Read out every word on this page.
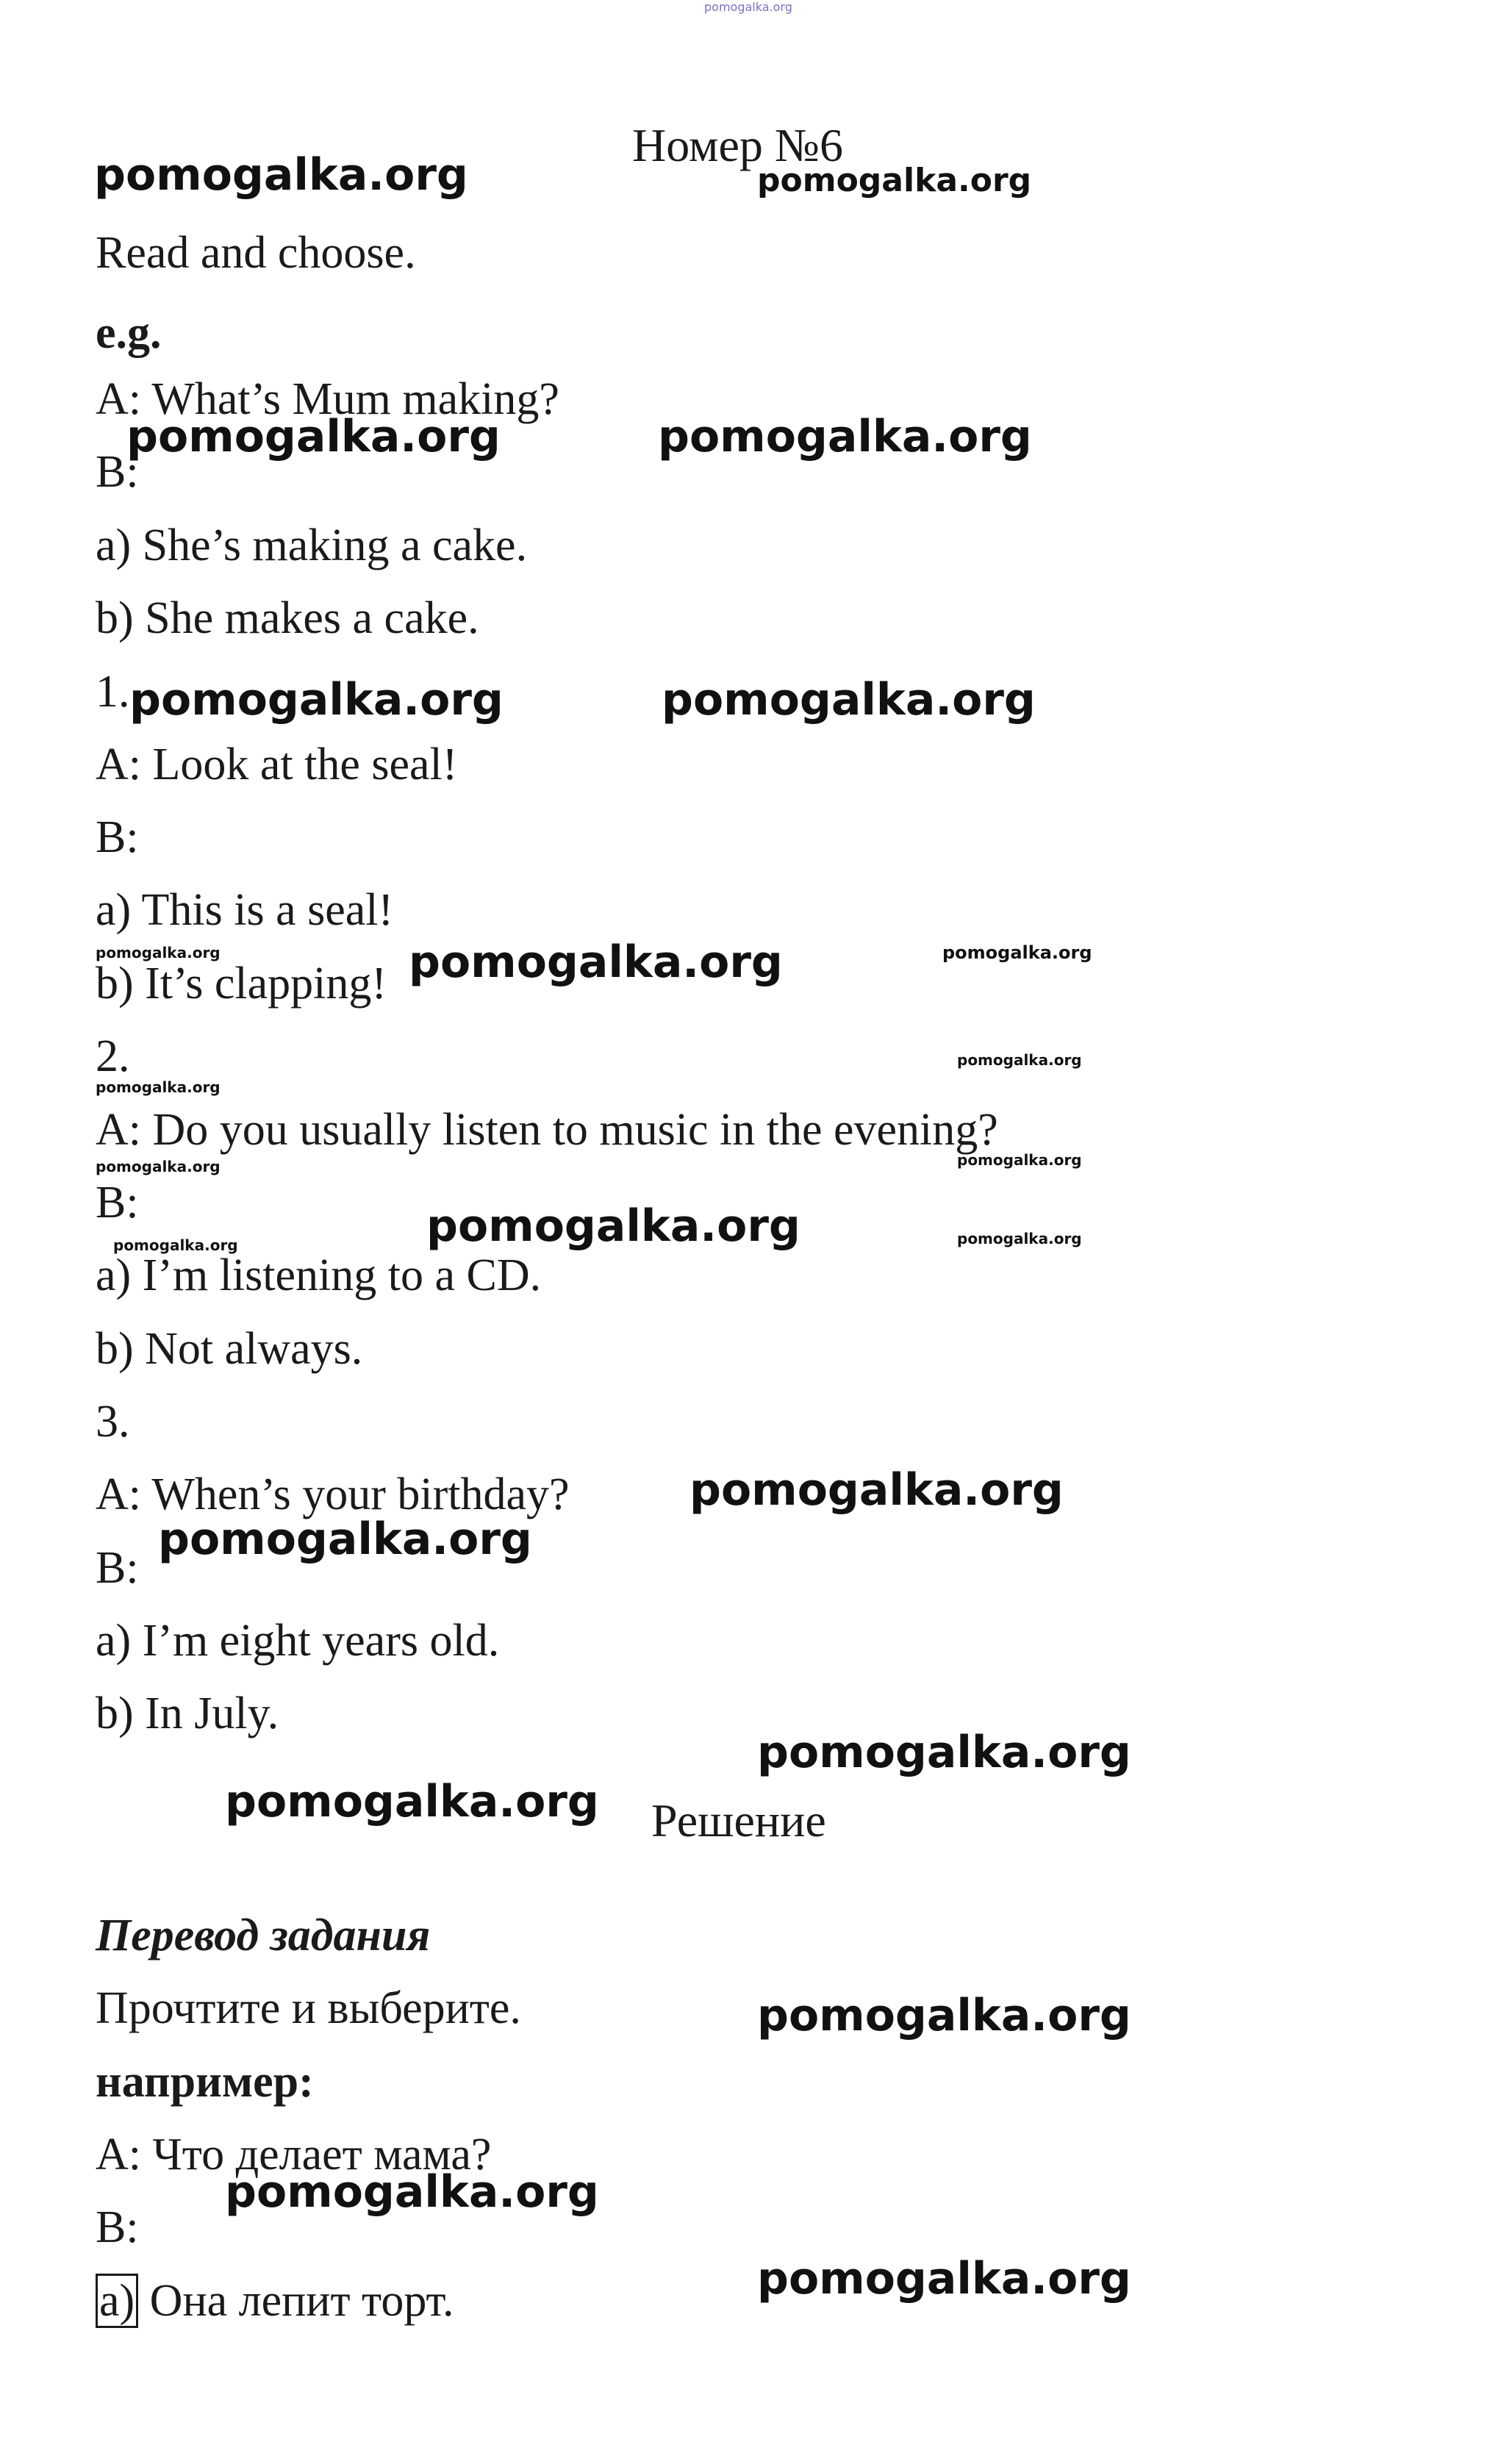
pomogalka.org
Номер №6
Read and choose.
e.g.
A: What’s Mum making?
B:
a) She’s making a cake.
b) She makes a cake.
1.
A: Look at the seal!
B:
a) This is a seal!
b) It’s clapping!
2.
A: Do you usually listen to music in the evening?
B:
a) I’m listening to a CD.
b) Not always.
3.
A: When’s your birthday?
B:
a) I’m eight years old.
b) In July.
Решение
Перевод задания
Прочтите и выберите.
например:
А: Что делает мама?
В:
а) Она лепит торт.
pomogalka.org	pomogalka.org
pomogalka.org	pomogalka.org
pomogalka.org	pomogalka.org
pomogalka.org	pomogalka.org	pomogalka.org
pomogalka.org
pomogalka.org
pomogalka.org	pomogalka.org
pomogalka.org
pomogalka.org	pomogalka.org
pomogalka.org
pomogalka.org
pomogalka.org
pomogalka.org
pomogalka.org
pomogalka.org
pomogalka.org
